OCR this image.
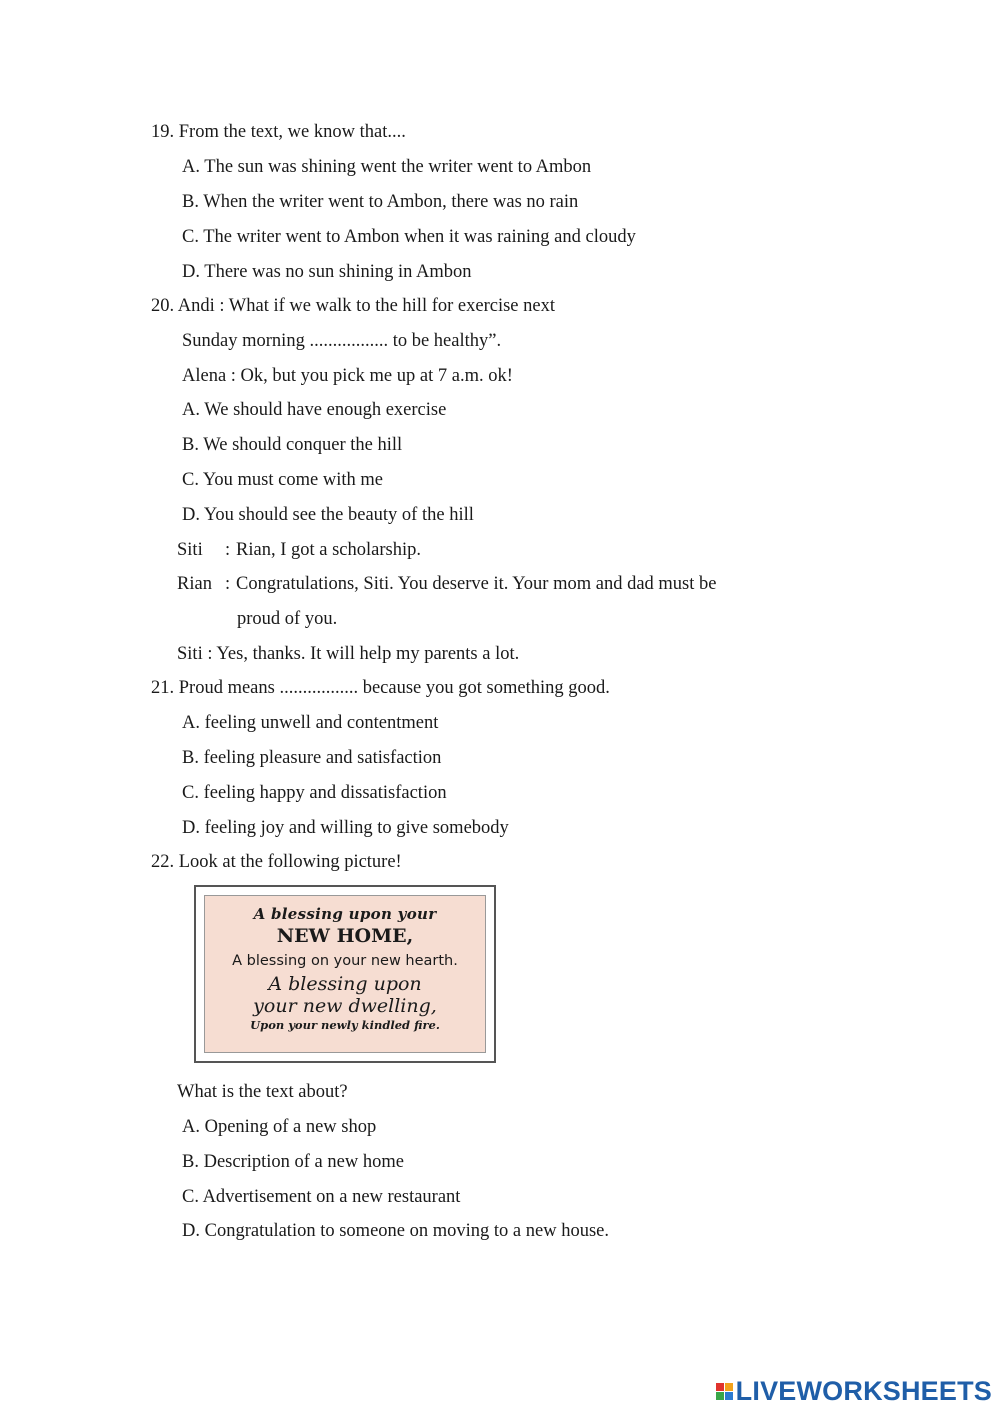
19. From the text, we know that....
A. The sun was shining went the writer went to Ambon
B. When the writer went to Ambon, there was no rain
C. The writer went to Ambon when it was raining and cloudy
D. There was no sun shining in Ambon
20. Andi : What if we walk to the hill for exercise next
Sunday morning ................. to be healthy”.
Alena : Ok, but you pick me up at 7 a.m. ok!
A. We should have enough exercise
B. We should conquer the hill
C. You must come with me
D. You should see the beauty of the hill
Siti : Rian, I got a scholarship.
Rian : Congratulations, Siti. You deserve it. Your mom and dad must be
proud of you.
Siti : Yes, thanks. It will help my parents a lot.
21. Proud means ................. because you got something good.
A. feeling unwell and contentment
B. feeling pleasure and satisfaction
C. feeling happy and dissatisfaction
D. feeling joy and willing to give somebody
22. Look at the following picture!
A blessing upon your
NEW HOME,
A blessing on your new hearth.
A blessing upon
your new dwelling,
Upon your newly kindled fire.
What is the text about?
A. Opening of a new shop
B. Description of a new home
C. Advertisement on a new restaurant
D. Congratulation to someone on moving to a new house.
LIVEWORKSHEETS
